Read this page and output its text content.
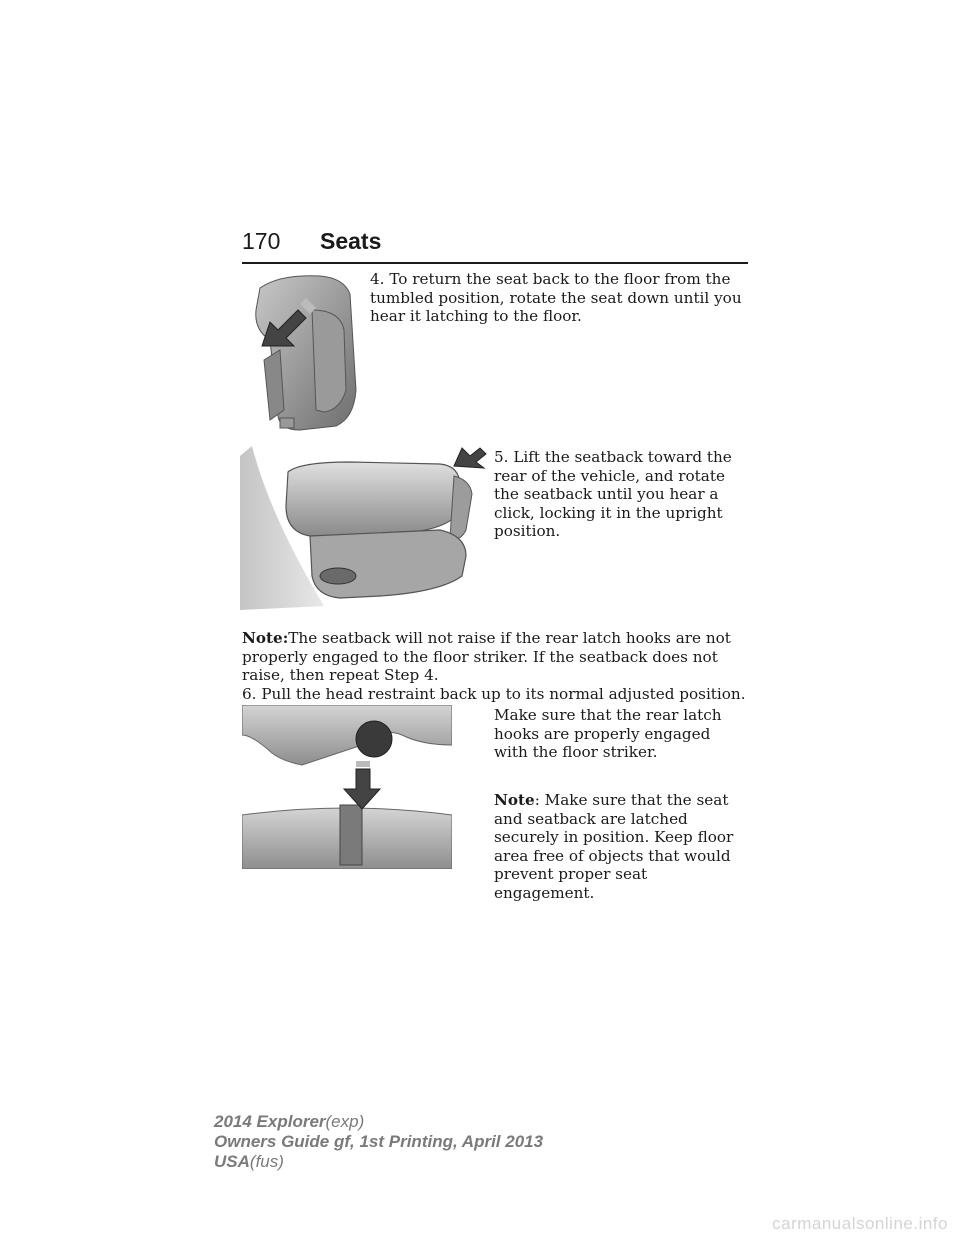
170 Seats

4. To return the seat back to the floor from the tumbled position, rotate the seat down until you hear it latching to the floor.

5. Lift the seatback toward the rear of the vehicle, and rotate the seatback until you hear a click, locking it in the upright position.

Note:The seatback will not raise if the rear latch hooks are not properly engaged to the floor striker. If the seatback does not raise, then repeat Step 4.

6. Pull the head restraint back up to its normal adjusted position.

Make sure that the rear latch hooks are properly engaged with the floor striker.

Note: Make sure that the seat and seatback are latched securely in position. Keep floor area free of objects that would prevent proper seat engagement.

2014 Explorer(exp)
Owners Guide gf, 1st Printing, April 2013
USA(fus)
carmanualsonline.info
